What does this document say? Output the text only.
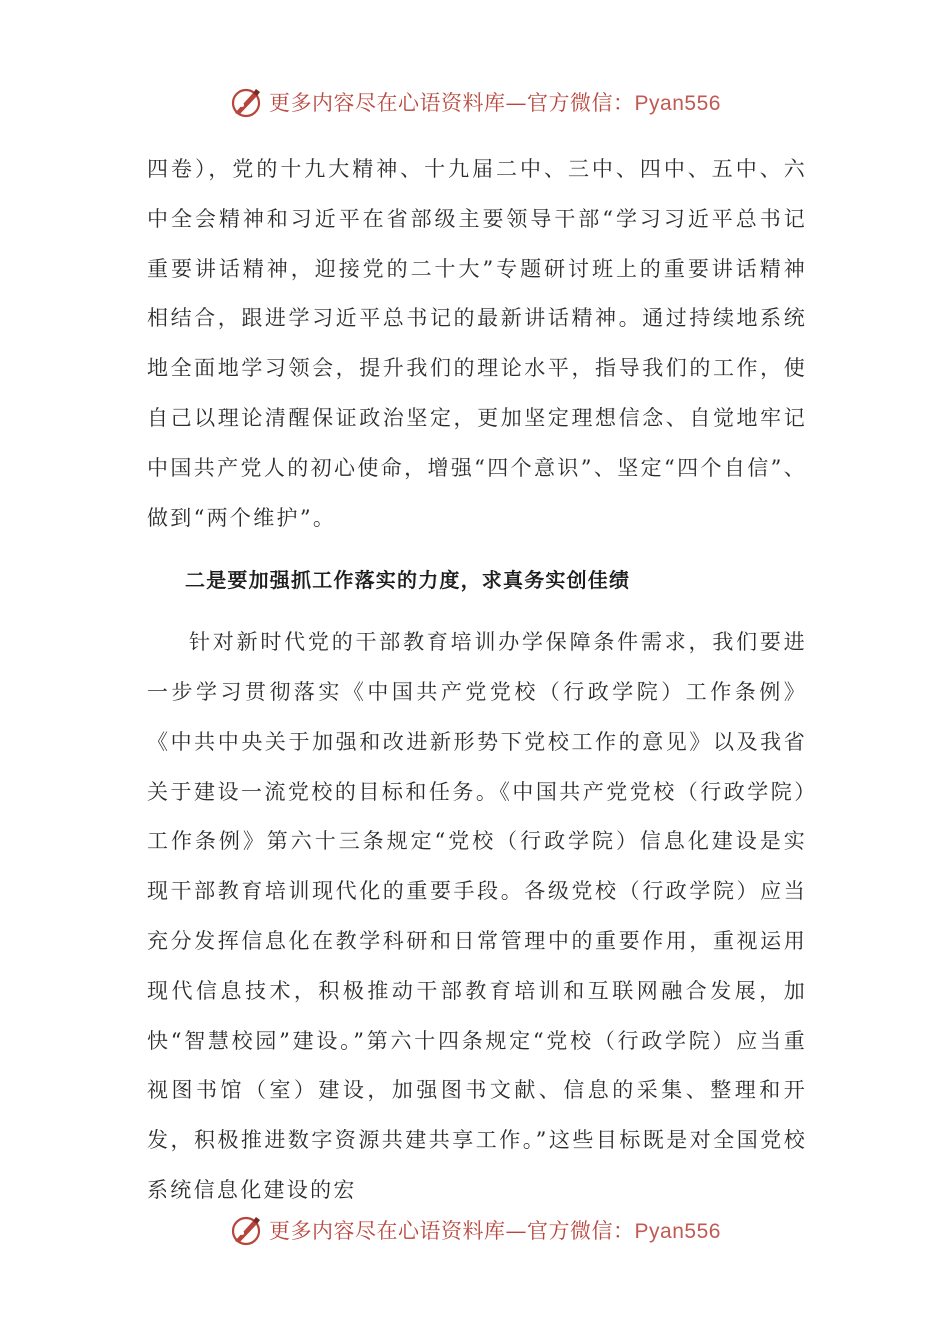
更多内容尽在心语资料库—官方微信：Pyan556

四卷），党的十九大精神、十九届二中、三中、四中、五中、六中全会精神和习近平在省部级主要领导干部“学习习近平总书记重要讲话精神，迎接党的二十大”专题研讨班上的重要讲话精神相结合，跟进学习近平总书记的最新讲话精神。通过持续地系统地全面地学习领会，提升我们的理论水平，指导我们的工作，使自己以理论清醒保证政治坚定，更加坚定理想信念、自觉地牢记中国共产党人的初心使命，增强“四个意识”、坚定“四个自信”、做到“两个维护”。

二是要加强抓工作落实的力度，求真务实创佳绩

针对新时代党的干部教育培训办学保障条件需求，我们要进一步学习贯彻落实《中国共产党党校（行政学院）工作条例》《中共中央关于加强和改进新形势下党校工作的意见》以及我省关于建设一流党校的目标和任务。《中国共产党党校（行政学院）工作条例》第六十三条规定“党校（行政学院）信息化建设是实现干部教育培训现代化的重要手段。各级党校（行政学院）应当充分发挥信息化在教学科研和日常管理中的重要作用，重视运用现代信息技术，积极推动干部教育培训和互联网融合发展，加快“智慧校园”建设。”第六十四条规定“党校（行政学院）应当重视图书馆（室）建设，加强图书文献、信息的采集、整理和开发，积极推进数字资源共建共享工作。”这些目标既是对全国党校系统信息化建设的宏

更多内容尽在心语资料库—官方微信：Pyan556
